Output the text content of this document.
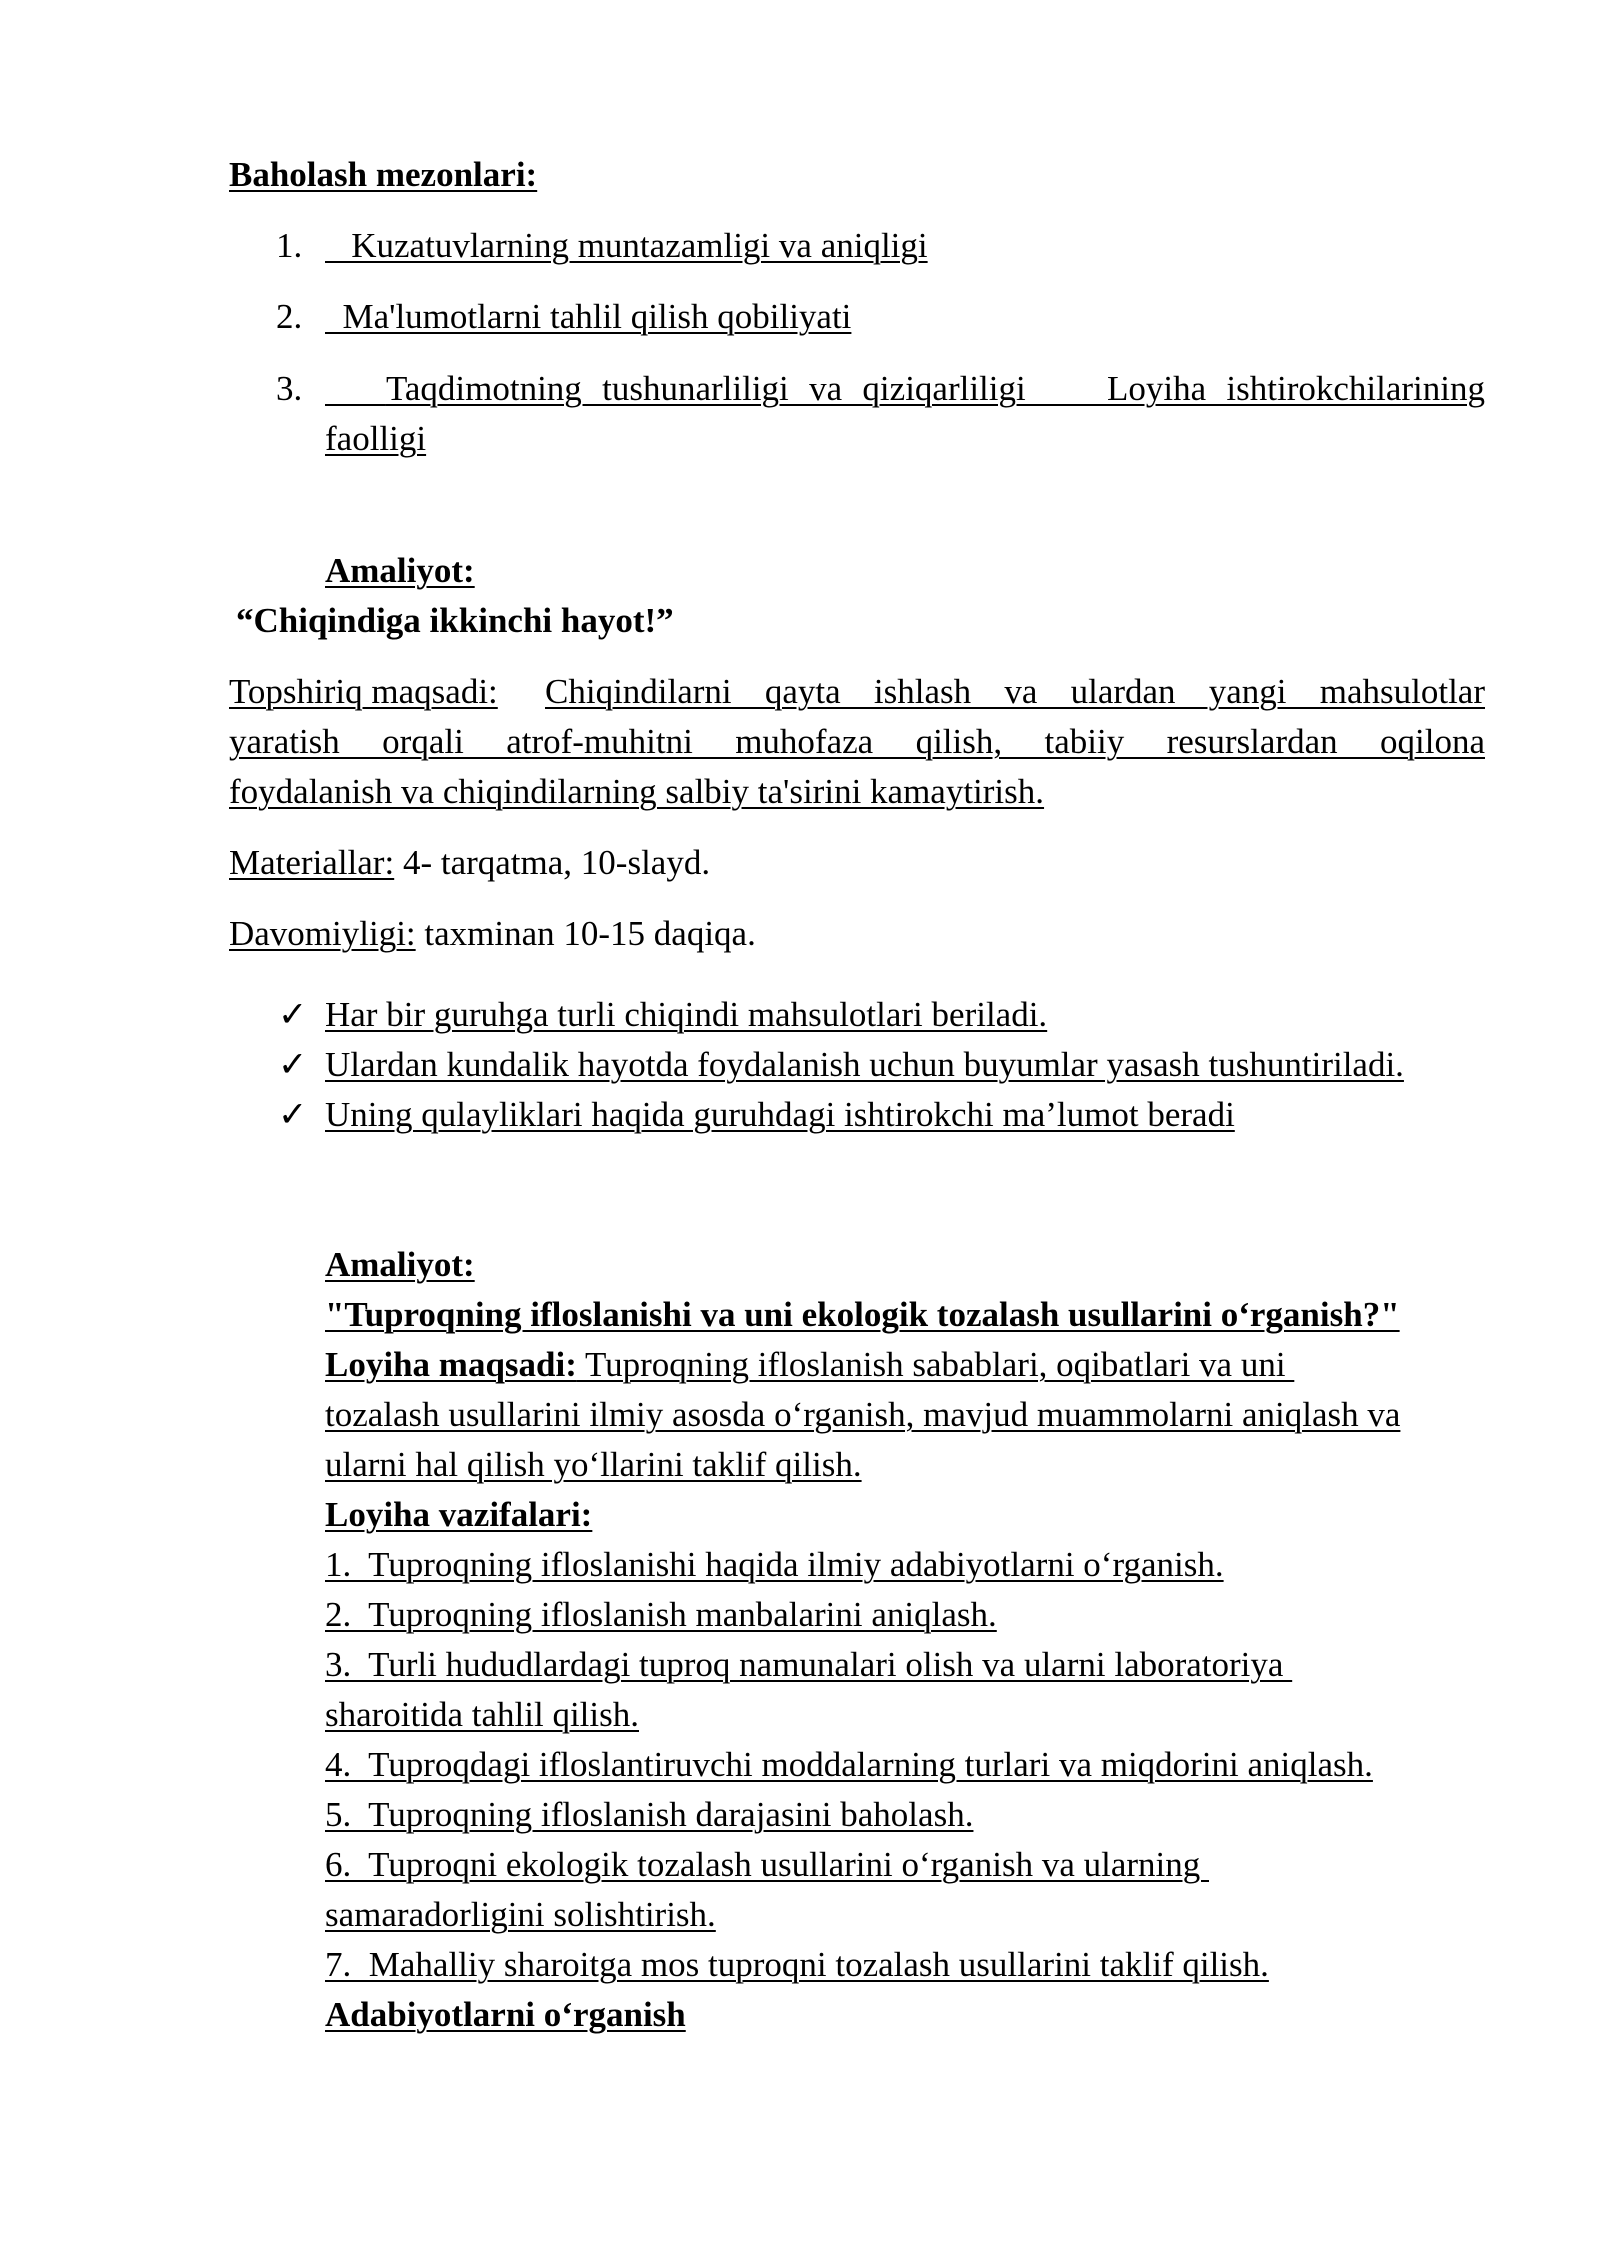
Baholash mezonlari:
1. Kuzatuvlarning muntazamligi va aniqligi
2. Ma'lumotlarni tahlil qilish qobiliyati
3. Taqdimotning tushunarliligi va qiziqarliligi    Loyiha ishtirokchilarining
faolligi
Amaliyot:
“Chiqindiga ikkinchi hayot!”
Topshiriq maqsadi: Chiqindilarni qayta ishlash va ulardan yangi mahsulotlar
yaratish orqali atrof-muhitni muhofaza qilish, tabiiy resurslardan oqilona
foydalanish va chiqindilarning salbiy ta'sirini kamaytirish.
Materiallar: 4- tarqatma, 10-slayd.
Davomiyligi: taxminan 10-15 daqiqa.
✓ Har bir guruhga turli chiqindi mahsulotlari beriladi.
✓ Ulardan kundalik hayotda foydalanish uchun buyumlar yasash tushuntiriladi.
✓ Uning qulayliklari haqida guruhdagi ishtirokchi ma’lumot beradi
Amaliyot:
"Tuproqning ifloslanishi va uni ekologik tozalash usullarini o‘rganish?"
Loyiha maqsadi: Tuproqning ifloslanish sabablari, oqibatlari va uni
tozalash usullarini ilmiy asosda o‘rganish, mavjud muammolarni aniqlash va
ularni hal qilish yo‘llarini taklif qilish.
Loyiha vazifalari:
1.  Tuproqning ifloslanishi haqida ilmiy adabiyotlarni o‘rganish.
2.  Tuproqning ifloslanish manbalarini aniqlash.
3.  Turli hududlardagi tuproq namunalari olish va ularni laboratoriya
sharoitida tahlil qilish.
4.  Tuproqdagi ifloslantiruvchi moddalarning turlari va miqdorini aniqlash.
5.  Tuproqning ifloslanish darajasini baholash.
6.  Tuproqni ekologik tozalash usullarini o‘rganish va ularning
samaradorligini solishtirish.
7.  Mahalliy sharoitga mos tuproqni tozalash usullarini taklif qilish.
Adabiyotlarni o‘rganish
